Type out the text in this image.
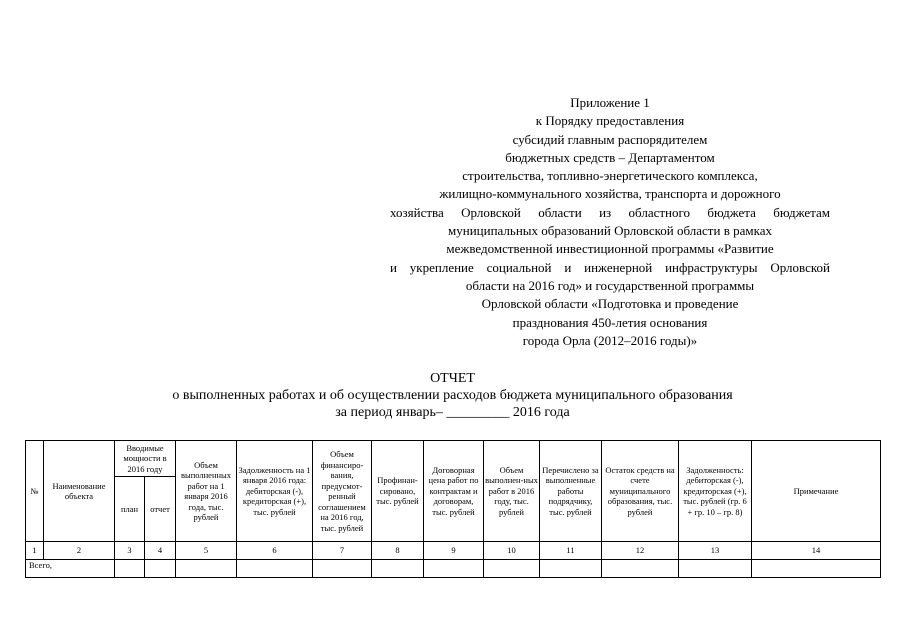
Приложение 1
к Порядку предоставления
субсидий главным распорядителем
бюджетных средств – Департаментом
строительства, топливно-энергетического комплекса,
жилищно-коммунального хозяйства, транспорта и дорожного
хозяйства Орловской области из областного бюджета бюджетам
муниципальных образований Орловской области в рамках
межведомственной инвестиционной программы «Развитие
и укрепление социальной и инженерной инфраструктуры Орловской
области на 2016 год» и государственной программы
Орловской области «Подготовка и проведение
празднования 450-летия основания
города Орла (2012–2016 годы)»
ОТЧЕТ
о выполненных работах и об осуществлении расходов бюджета муниципального образования
за период январь– _________ 2016 года
№	Наименование объекта	Вводимые мощности в 2016 году		Объем выполненных работ на 1 января 2016 года, тыс. рублей	Задолженность на 1 января 2016 года: дебиторская (-), кредиторская (+), тыс. рублей	Объем финансиро-вания, предусмот-ренный соглашением на 2016 год, тыс. рублей	Профинан-сировано, тыс. рублей	Договорная цена работ по контрактам и договорам, тыс. рублей	Объем выполнен-ных работ в 2016 году, тыс. рублей	Перечислено за выполненные работы подрядчику, тыс. рублей	Остаток средств на счете муниципального образования, тыс. рублей	Задолженность: дебиторская (-), кредиторская (+), тыс. рублей (гр. 6 + гр. 10 – гр. 8)	Примечание
		план	отчет										
1	2	3	4	5	6	7	8	9	10	11	12	13	14
Всего,													
